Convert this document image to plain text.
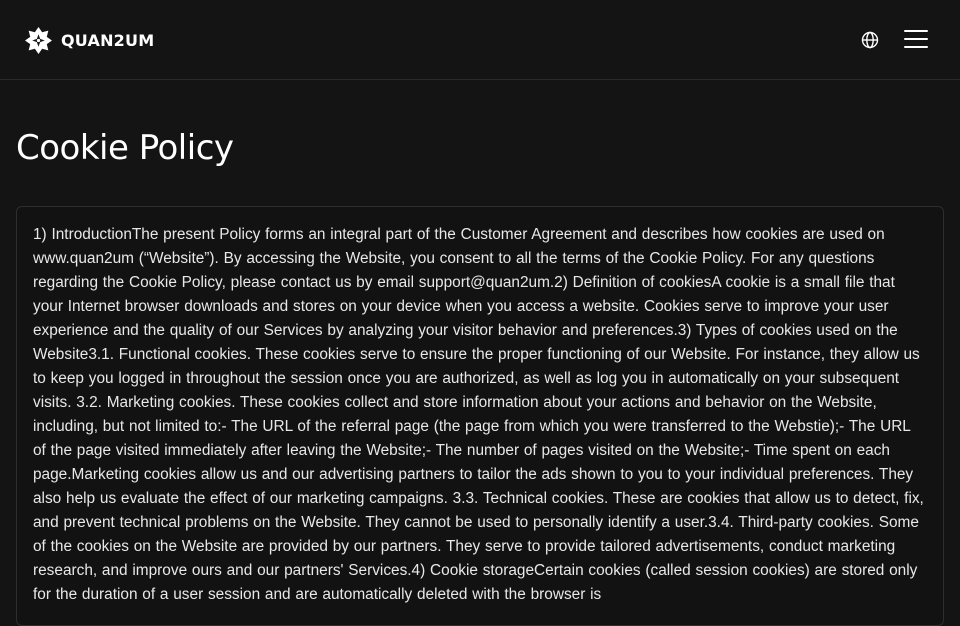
QUAN2UM
Cookie Policy

1) IntroductionThe present Policy forms an integral part of the Customer Agreement and describes how cookies are used on www.quan2um (“Website”). By accessing the Website, you consent to all the terms of the Cookie Policy. For any questions regarding the Cookie Policy, please contact us by email support@quan2um.2) Definition of cookiesA cookie is a small file that your Internet browser downloads and stores on your device when you access a website. Cookies serve to improve your user experience and the quality of our Services by analyzing your visitor behavior and preferences.3) Types of cookies used on the Website3.1. Functional cookies. These cookies serve to ensure the proper functioning of our Website. For instance, they allow us to keep you logged in throughout the session once you are authorized, as well as log you in automatically on your subsequent visits. 3.2. Marketing cookies. These cookies collect and store information about your actions and behavior on the Website, including, but not limited to:- The URL of the referral page (the page from which you were transferred to the Webstie);- The URL of the page visited immediately after leaving the Website;- The number of pages visited on the Website;- Time spent on each page.Marketing cookies allow us and our advertising partners to tailor the ads shown to you to your individual preferences. They also help us evaluate the effect of our marketing campaigns. 3.3. Technical cookies. These are cookies that allow us to detect, fix, and prevent technical problems on the Website. They cannot be used to personally identify a user.3.4. Third-party cookies. Some of the cookies on the Website are provided by our partners. They serve to provide tailored advertisements, conduct marketing research, and improve ours and our partners' Services.4) Cookie storageCertain cookies (called session cookies) are stored only for the duration of a user session and are automatically deleted with the browser is
